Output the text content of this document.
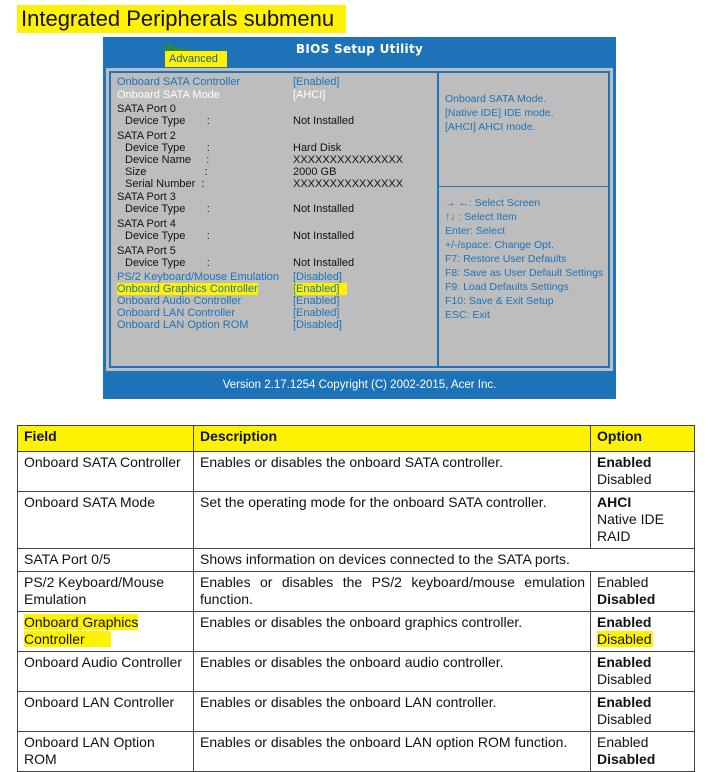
Integrated Peripherals submenu
BIOS Setup Utility
Advanced
Onboard SATA Controller	[Enabled]
Onboard SATA Mode	[AHCI]
SATA Port 0
Device Type       :	Not Installed
SATA Port 2
Device Type       :	Hard Disk
Device Name     :	XXXXXXXXXXXXXXX
Size                   :	2000 GB
Serial Number  :	XXXXXXXXXXXXXXX
SATA Port 3
Device Type       :	Not Installed
SATA Port 4
Device Type       :	Not Installed
SATA Port 5
Device Type       :	Not Installed
PS/2 Keyboard/Mouse Emulation [Disabled]
Onboard Graphics Controller	[Enabled]
Onboard Audio Controller	[Enabled]
Onboard LAN Controller	[Enabled]
Onboard LAN Option ROM	[Disabled]
Onboard SATA Mode.
[Native IDE] IDE mode.
[AHCI] AHCI mode.
→ ←: Select Screen
↑↓ : Select Item
Enter: Select
+/-/space: Change Opt.
F7: Restore User Defaults
F8: Save as User Default Settings
F9: Load Defaults Settings
F10: Save & Exit Setup
ESC: Exit
Version 2.17.1254 Copyright (C) 2002-2015, Acer Inc.
Field	Description	Option
Onboard SATA Controller	Enables or disables the onboard SATA controller.	Enabled
Disabled

Onboard SATA Mode	Set the operating mode for the onboard SATA controller.	AHCI
Native IDE
RAID

SATA Port 0/5	Shows information on devices connected to the SATA ports.	
PS/2 Keyboard/Mouse Emulation	Enables or disables the PS/2 keyboard/mouse emulation function.	Enabled
Disabled

Onboard Graphics Controller	Enables or disables the onboard graphics controller.	Enabled
Disabled

Onboard Audio Controller	Enables or disables the onboard audio controller.	Enabled
Disabled

Onboard LAN Controller	Enables or disables the onboard LAN controller.	Enabled
Disabled

Onboard LAN Option ROM	Enables or disables the onboard LAN option ROM function.	Enabled
Disabled
